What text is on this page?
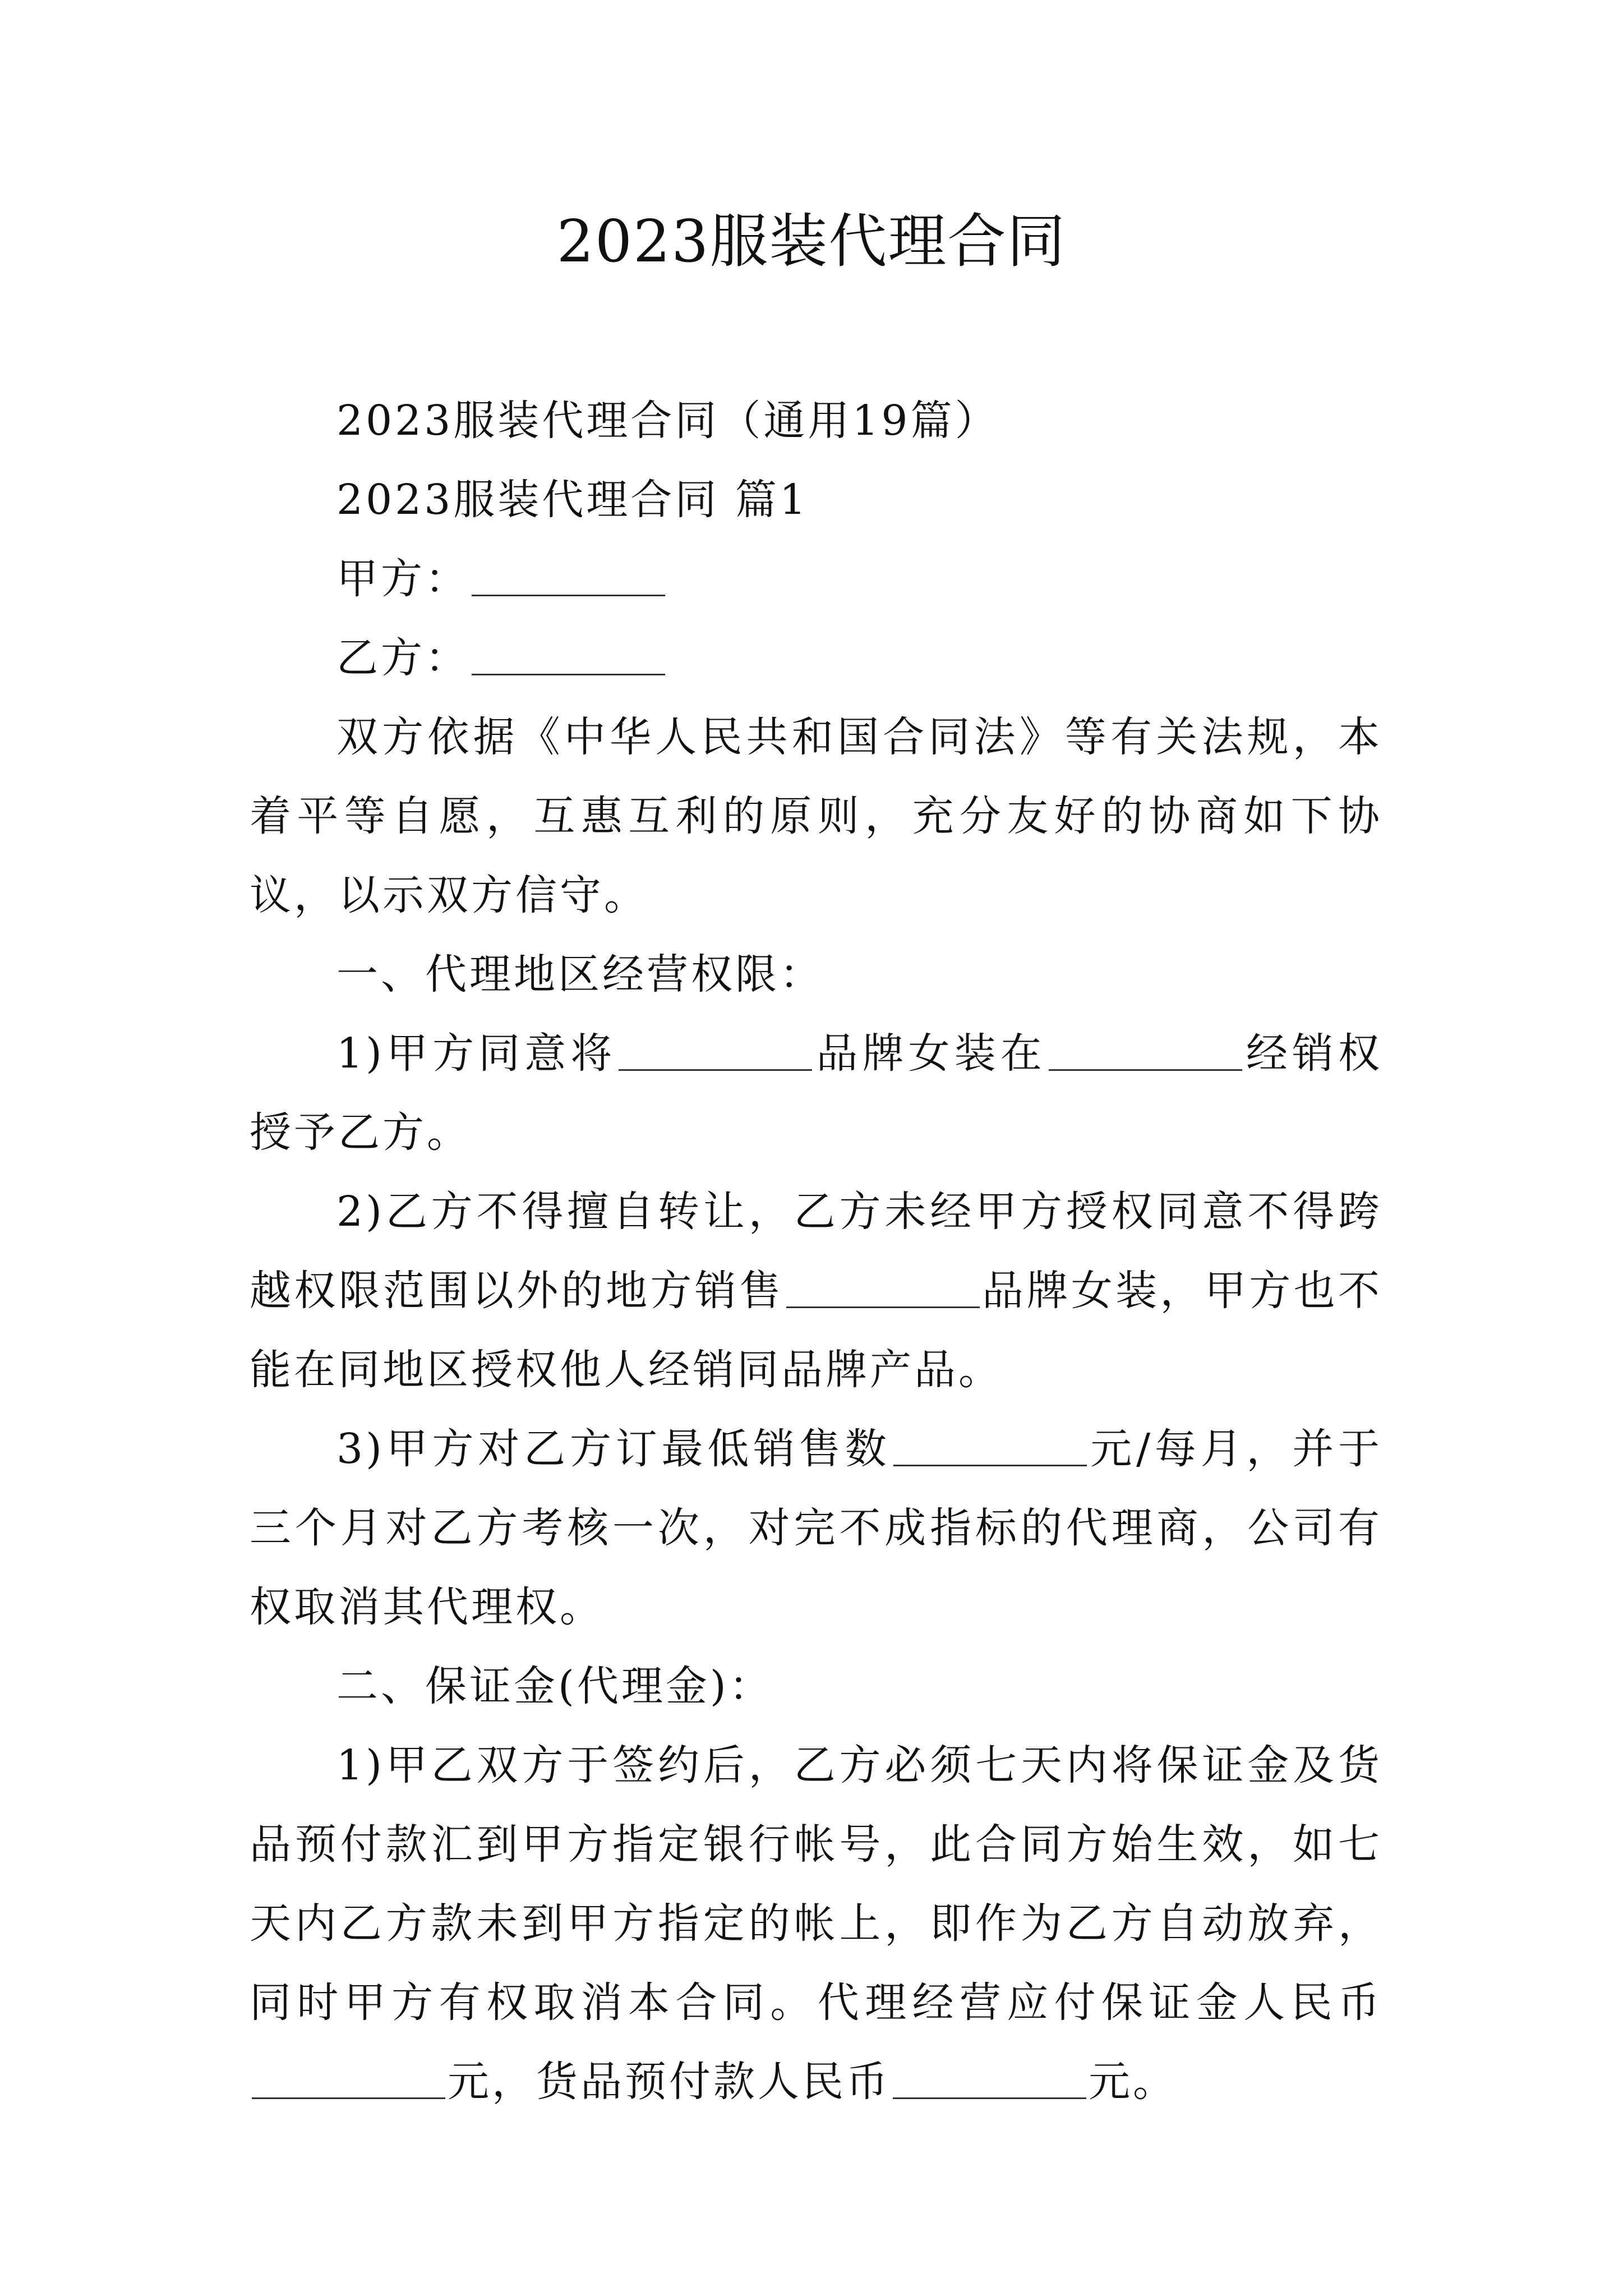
2023服装代理合同

2023服装代理合同（通用19篇）

2023服装代理合同 篇1

甲方：

乙方：

双方依据《中华人民共和国合同法》等有关法规，本着平等自愿，互惠互利的原则，充分友好的协商如下协议，以示双方信守。

一、代理地区经营权限：

1)甲方同意将	品牌女装在	经销权授予乙方。

2)乙方不得擅自转让，乙方未经甲方授权同意不得跨越权限范围以外的地方销售	品牌女装，甲方也不能在同地区授权他人经销同品牌产品。

3)甲方对乙方订最低销售数	元/每月，并于三个月对乙方考核一次，对完不成指标的代理商，公司有权取消其代理权。

二、保证金(代理金)：

1)甲乙双方于签约后，乙方必须七天内将保证金及货品预付款汇到甲方指定银行帐号，此合同方始生效，如七天内乙方款未到甲方指定的帐上，即作为乙方自动放弃，同时甲方有权取消本合同。代理经营应付保证金人民币元，货品预付款人民币	元。
